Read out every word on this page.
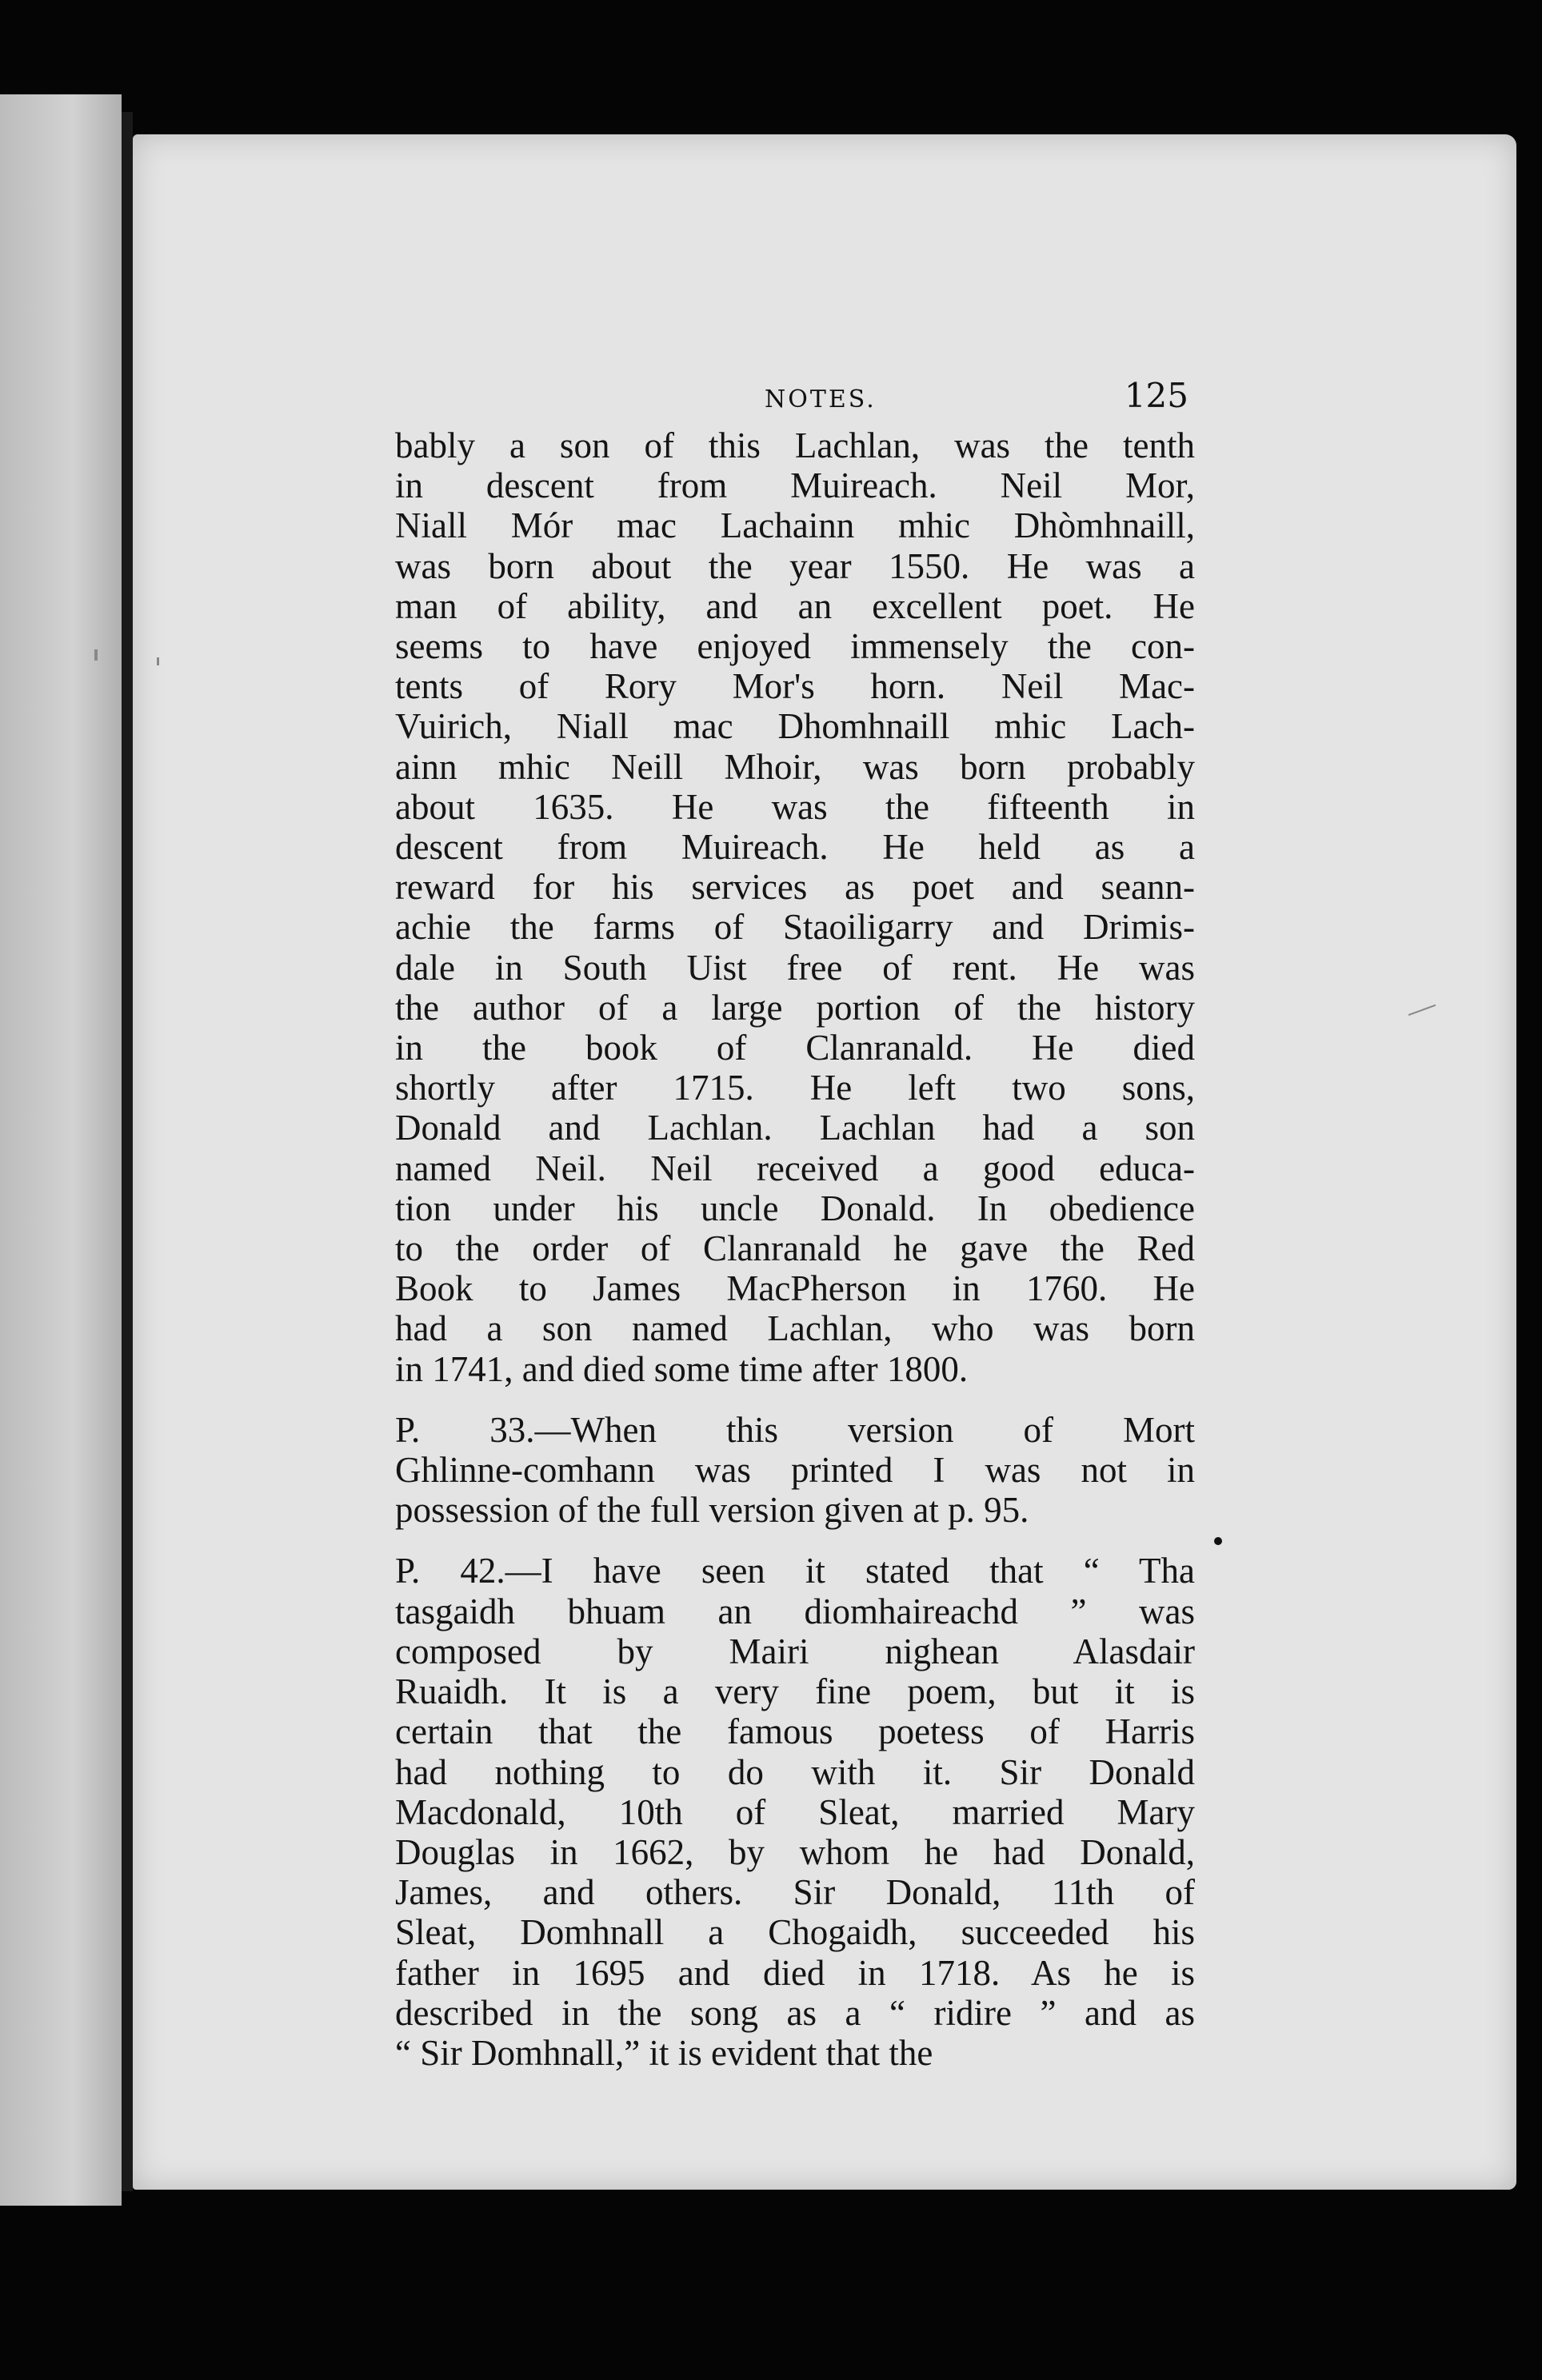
NOTES.	125
bably a son of this Lachlan, was the tenth
in descent from Muireach. Neil Mor,
Niall Mór mac Lachainn mhic Dhòmhnaill,
was born about the year 1550. He was a
man of ability, and an excellent poet. He
seems to have enjoyed immensely the con-
tents of Rory Mor's horn. Neil Mac-
Vuirich, Niall mac Dhomhnaill mhic Lach-
ainn mhic Neill Mhoir, was born probably
about 1635. He was the fifteenth in
descent from Muireach. He held as a
reward for his services as poet and seann-
achie the farms of Staoiligarry and Drimis-
dale in South Uist free of rent. He was
the author of a large portion of the history
in the book of Clanranald. He died
shortly after 1715. He left two sons,
Donald and Lachlan. Lachlan had a son
named Neil. Neil received a good educa-
tion under his uncle Donald. In obedience
to the order of Clanranald he gave the Red
Book to James MacPherson in 1760. He
had a son named Lachlan, who was born
in 1741, and died some time after 1800.
P. 33.—When this version of Mort
Ghlinne-comhann was printed I was not in
possession of the full version given at p. 95.
P. 42.—I have seen it stated that “ Tha
tasgaidh bhuam an diomhaireachd ” was
composed by Mairi nighean Alasdair
Ruaidh. It is a very fine poem, but it is
certain that the famous poetess of Harris
had nothing to do with it. Sir Donald
Macdonald, 10th of Sleat, married Mary
Douglas in 1662, by whom he had Donald,
James, and others. Sir Donald, 11th of
Sleat, Domhnall a Chogaidh, succeeded his
father in 1695 and died in 1718. As he is
described in the song as a “ ridire ” and as
“ Sir Domhnall,” it is evident that the
